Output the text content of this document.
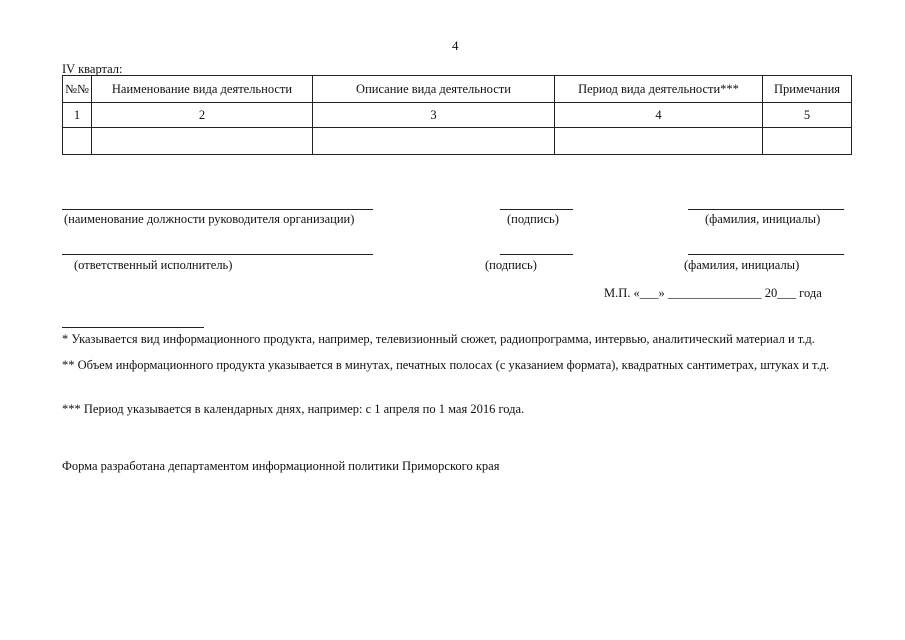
4
IV квартал:
№№	Наименование вида деятельности	Описание вида деятельности	Период вида деятельности***	Примечания
1	2	3	4	5

(наименование должности руководителя организации)	(подпись)	(фамилия, инициалы)
(ответственный исполнитель)	(подпись)	(фамилия, инициалы)
М.П. «___» _______________ 20___ года
* Указывается вид информационного продукта, например, телевизионный сюжет, радиопрограмма, интервью, аналитический материал и т.д.
** Объем информационного продукта указывается в минутах, печатных полосах (с указанием формата), квадратных сантиметрах, штуках и т.д.
*** Период указывается в календарных днях, например: с 1 апреля по 1 мая 2016 года.
Форма разработана департаментом информационной политики Приморского края
